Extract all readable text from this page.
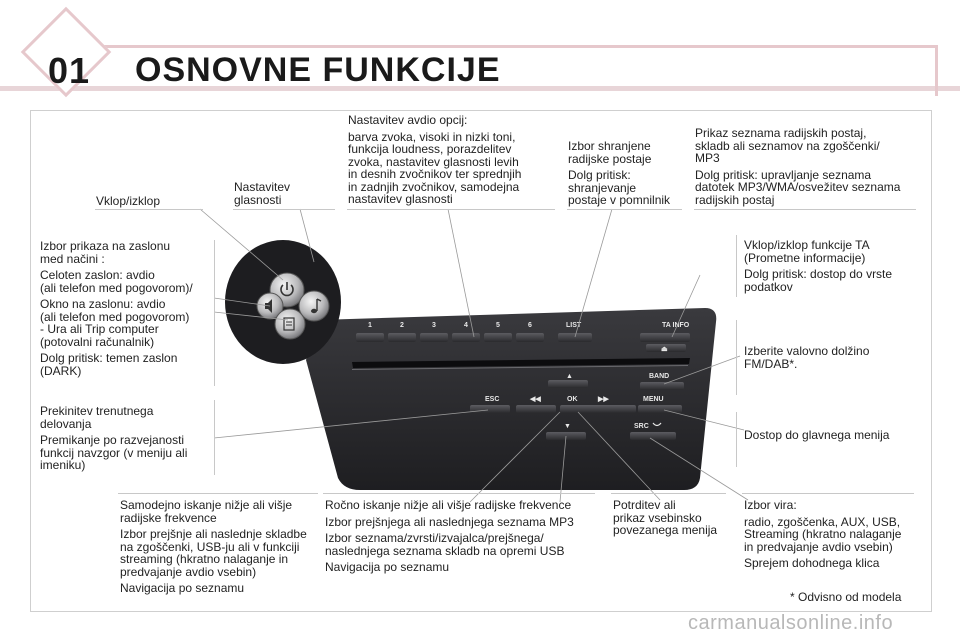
01 OSNOVNE FUNKCIJE
1	2	3	4	5	6	LIST	TA INFO
⏏
BAND
▲
ESC	◀◀	OK	▶▶	MENU
▼	SRC

Vklop/izklop

Nastavitev
glasnosti

Nastavitev avdio opcij:

barva zvoka, visoki in nizki toni,
funkcija loudness, porazdelitev
zvoka, nastavitev glasnosti levih
in desnih zvočnikov ter sprednjih
in zadnjih zvočnikov, samodejna
nastavitev glasnosti

Izbor shranjene
radijske postaje

Dolg pritisk:
shranjevanje
postaje v pomnilnik

Prikaz seznama radijskih postaj,
skladb ali seznamov na zgoščenki/
MP3

Dolg pritisk: upravljanje seznama
datotek MP3/WMA/osvežitev seznama
radijskih postaj

Izbor prikaza na zaslonu
med načini :

Celoten zaslon: avdio
(ali telefon med pogovorom)/

Okno na zaslonu: avdio
(ali telefon med pogovorom)
- Ura ali Trip computer
(potovalni računalnik)

Dolg pritisk: temen zaslon
(DARK)

Vklop/izklop funkcije TA
(Prometne informacije)

Dolg pritisk: dostop do vrste
podatkov

Izberite valovno dolžino
FM/DAB*.

Prekinitev trenutnega
delovanja

Premikanje po razvejanosti
funkcij navzgor (v meniju ali
imeniku)

Dostop do glavnega menija

Samodejno iskanje nižje ali višje
radijske frekvence

Izbor prejšnje ali naslednje skladbe
na zgoščenki, USB-ju ali v funkciji
streaming (hkratno nalaganje in
predvajanje avdio vsebin)

Navigacija po seznamu

Ročno iskanje nižje ali višje radijske frekvence

Izbor prejšnjega ali naslednjega seznama MP3

Izbor seznama/zvrsti/izvajalca/prejšnega/
naslednjega seznama skladb na opremi USB

Navigacija po seznamu

Potrditev ali
prikaz vsebinsko
povezanega menija

Izbor vira:

radio, zgoščenka, AUX, USB,
Streaming (hkratno nalaganje
in predvajanje avdio vsebin)

Sprejem dohodnega klica

* Odvisno od modela
carmanualsonline.info
